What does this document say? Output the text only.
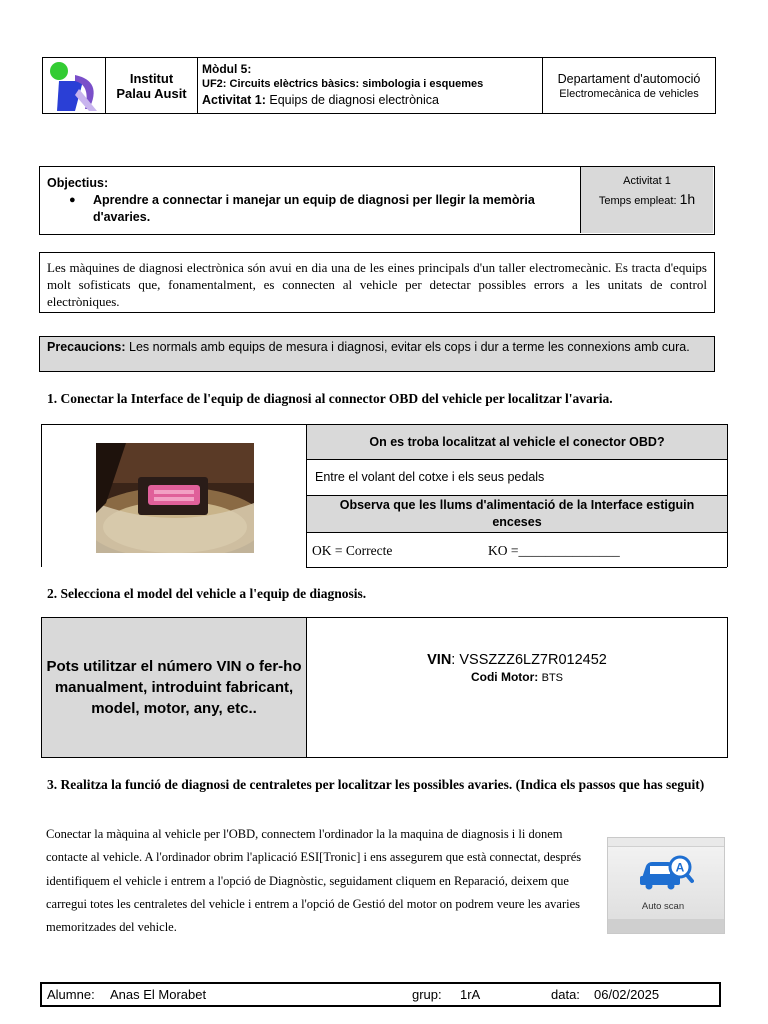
Institut
Palau Ausit
Mòdul 5:
UF2: Circuits elèctrics bàsics: simbologia i esquemes
Activitat 1: Equips de diagnosi electrònica
Departament d'automoció
Electromecànica de vehicles
Objectius:
●	Aprendre a connectar i manejar un equip de diagnosi per llegir la memòria d'avaries.
Activitat 1
Temps empleat: 1h
Les màquines de diagnosi electrònica són avui en dia una de les eines principals d'un taller electromecànic. Es tracta d'equips molt sofisticats que, fonamentalment, es connecten al vehicle per detectar possibles errors a les unitats de control electròniques.
Precaucions: Les normals amb equips de mesura i diagnosi, evitar els cops i dur a terme les connexions amb cura.
1. Conectar la Interface de l'equip de diagnosi al connector OBD del vehicle per localitzar l'avaria.
On es troba localitzat al vehicle el conector OBD?
Entre el volant del cotxe i els seus pedals
Observa que les llums d'alimentació de la Interface estiguin enceses
OK = Correcte	KO =_______________
2. Selecciona el model del vehicle a l'equip de diagnosis.
Pots utilitzar el número VIN o fer-ho manualment, introduint fabricant, model, motor, any, etc..
VIN: VSSZZZ6LZ7R012452
Codi Motor: BTS
3. Realitza la funció de diagnosi de centraletes per localitzar les possibles avaries. (Indica els passos que has seguit)
Conectar la màquina al vehicle per l'OBD, connectem l'ordinador la la maquina de diagnosis i li donem contacte al vehicle. A l'ordinador obrim l'aplicació ESI[Tronic] i ens assegurem que està connectat, després identifiquem el vehicle i entrem a l'opció de Diagnòstic, seguidament cliquem en Reparació, deixem que carregui totes les centraletes del vehicle i entrem a l'opció de Gestió del motor on podrem veure les avaries memoritzades del vehicle.
A
Auto scan
Alumne: Anas El Morabet	grup: 1rA	data: 06/02/2025
